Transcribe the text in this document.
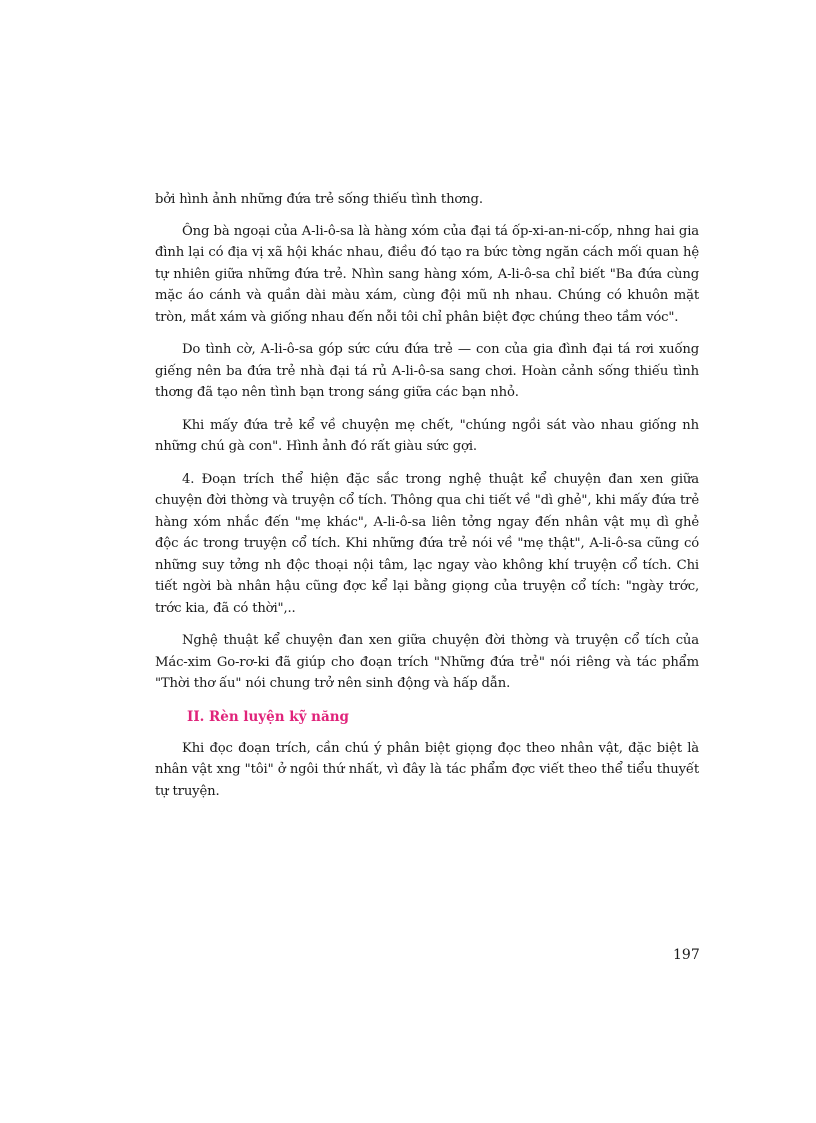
bởi hình ảnh những đứa trẻ sống thiếu tình thơng.

Ông bà ngoại của A-li-ô-sa là hàng xóm của đại tá ốp-xi-an-ni-cốp, nhng hai gia đình lại có địa vị xã hội khác nhau, điều đó tạo ra bức tờng ngăn cách mối quan hệ tự nhiên giữa những đứa trẻ. Nhìn sang hàng xóm, A-li-ô-sa chỉ biết "Ba đứa cùng mặc áo cánh và quần dài màu xám, cùng đội mũ nh nhau. Chúng có khuôn mặt tròn, mắt xám và giống nhau đến nỗi tôi chỉ phân biệt đợc chúng theo tầm vóc".

Do tình cờ, A-li-ô-sa góp sức cứu đứa trẻ — con của gia đình đại tá rơi xuống giếng nên ba đứa trẻ nhà đại tá rủ A-li-ô-sa sang chơi. Hoàn cảnh sống thiếu tình thơng đã tạo nên tình bạn trong sáng giữa các bạn nhỏ.

Khi mấy đứa trẻ kể về chuyện mẹ chết, "chúng ngồi sát vào nhau giống nh những chú gà con". Hình ảnh đó rất giàu sức gợi.

4. Đoạn trích thể hiện đặc sắc trong nghệ thuật kể chuyện đan xen giữa chuyện đời thờng và truyện cổ tích. Thông qua chi tiết về "dì ghẻ", khi mấy đứa trẻ hàng xóm nhắc đến "mẹ khác", A-li-ô-sa liên tởng ngay đến nhân vật mụ dì ghẻ độc ác trong truyện cổ tích. Khi những đứa trẻ nói về "mẹ thật", A-li-ô-sa cũng có những suy tởng nh độc thoại nội tâm, lạc ngay vào không khí truyện cổ tích. Chi tiết ngời bà nhân hậu cũng đợc kể lại bằng giọng của truyện cổ tích: "ngày trớc, trớc kia, đã có thời",..

Nghệ thuật kể chuyện đan xen giữa chuyện đời thờng và truyện cổ tích của Mác-xim Go-rơ-ki đã giúp cho đoạn trích "Những đứa trẻ" nói riêng và tác phẩm "Thời thơ ấu" nói chung trở nên sinh động và hấp dẫn.

II. Rèn luyện kỹ năng

Khi đọc đoạn trích, cần chú ý phân biệt giọng đọc theo nhân vật, đặc biệt là nhân vật xng "tôi" ở ngôi thứ nhất, vì đây là tác phẩm đợc viết theo thể tiểu thuyết tự truyện.

197
